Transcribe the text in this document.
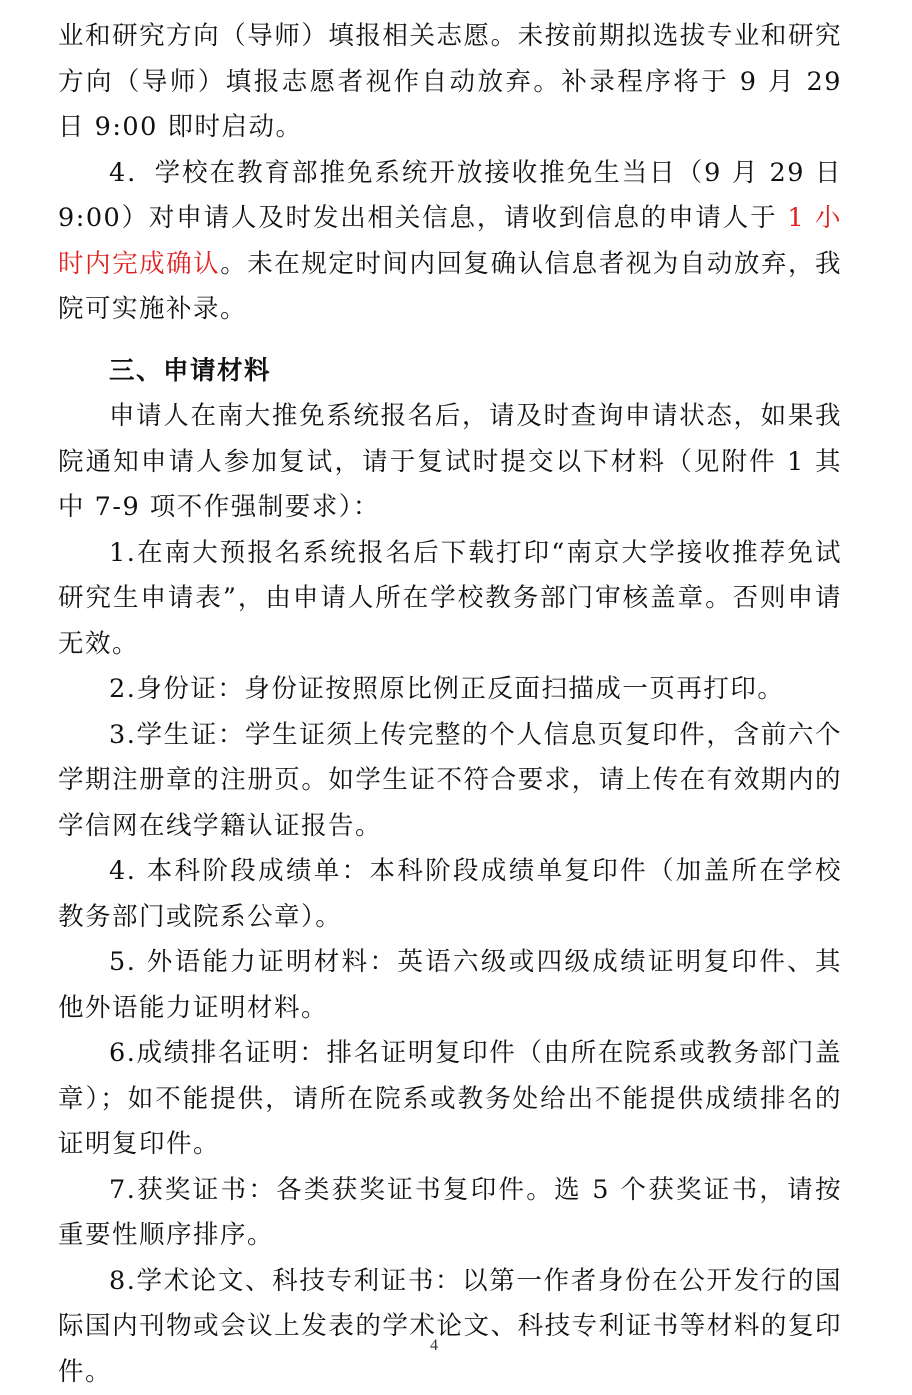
业和研究方向（导师）填报相关志愿。未按前期拟选拔专业和研究方向（导师）填报志愿者视作自动放弃。补录程序将于 9 月 29 日 9:00 即时启动。

4．学校在教育部推免系统开放接收推免生当日（9 月 29 日 9:00）对申请人及时发出相关信息，请收到信息的申请人于 1 小时内完成确认。未在规定时间内回复确认信息者视为自动放弃，我院可实施补录。

三、申请材料

申请人在南大推免系统报名后，请及时查询申请状态，如果我院通知申请人参加复试，请于复试时提交以下材料（见附件 1 其中 7-9 项不作强制要求）：

1.在南大预报名系统报名后下载打印“南京大学接收推荐免试研究生申请表”，由申请人所在学校教务部门审核盖章。否则申请无效。

2.身份证：身份证按照原比例正反面扫描成一页再打印。

3.学生证：学生证须上传完整的个人信息页复印件，含前六个学期注册章的注册页。如学生证不符合要求，请上传在有效期内的学信网在线学籍认证报告。

4. 本科阶段成绩单：本科阶段成绩单复印件（加盖所在学校教务部门或院系公章）。

5. 外语能力证明材料：英语六级或四级成绩证明复印件、其他外语能力证明材料。

6.成绩排名证明：排名证明复印件（由所在院系或教务部门盖章）；如不能提供，请所在院系或教务处给出不能提供成绩排名的证明复印件。

7.获奖证书：各类获奖证书复印件。选 5 个获奖证书，请按重要性顺序排序。

8.学术论文、科技专利证书：以第一作者身份在公开发行的国际国内刊物或会议上发表的学术论文、科技专利证书等材料的复印件。

4
